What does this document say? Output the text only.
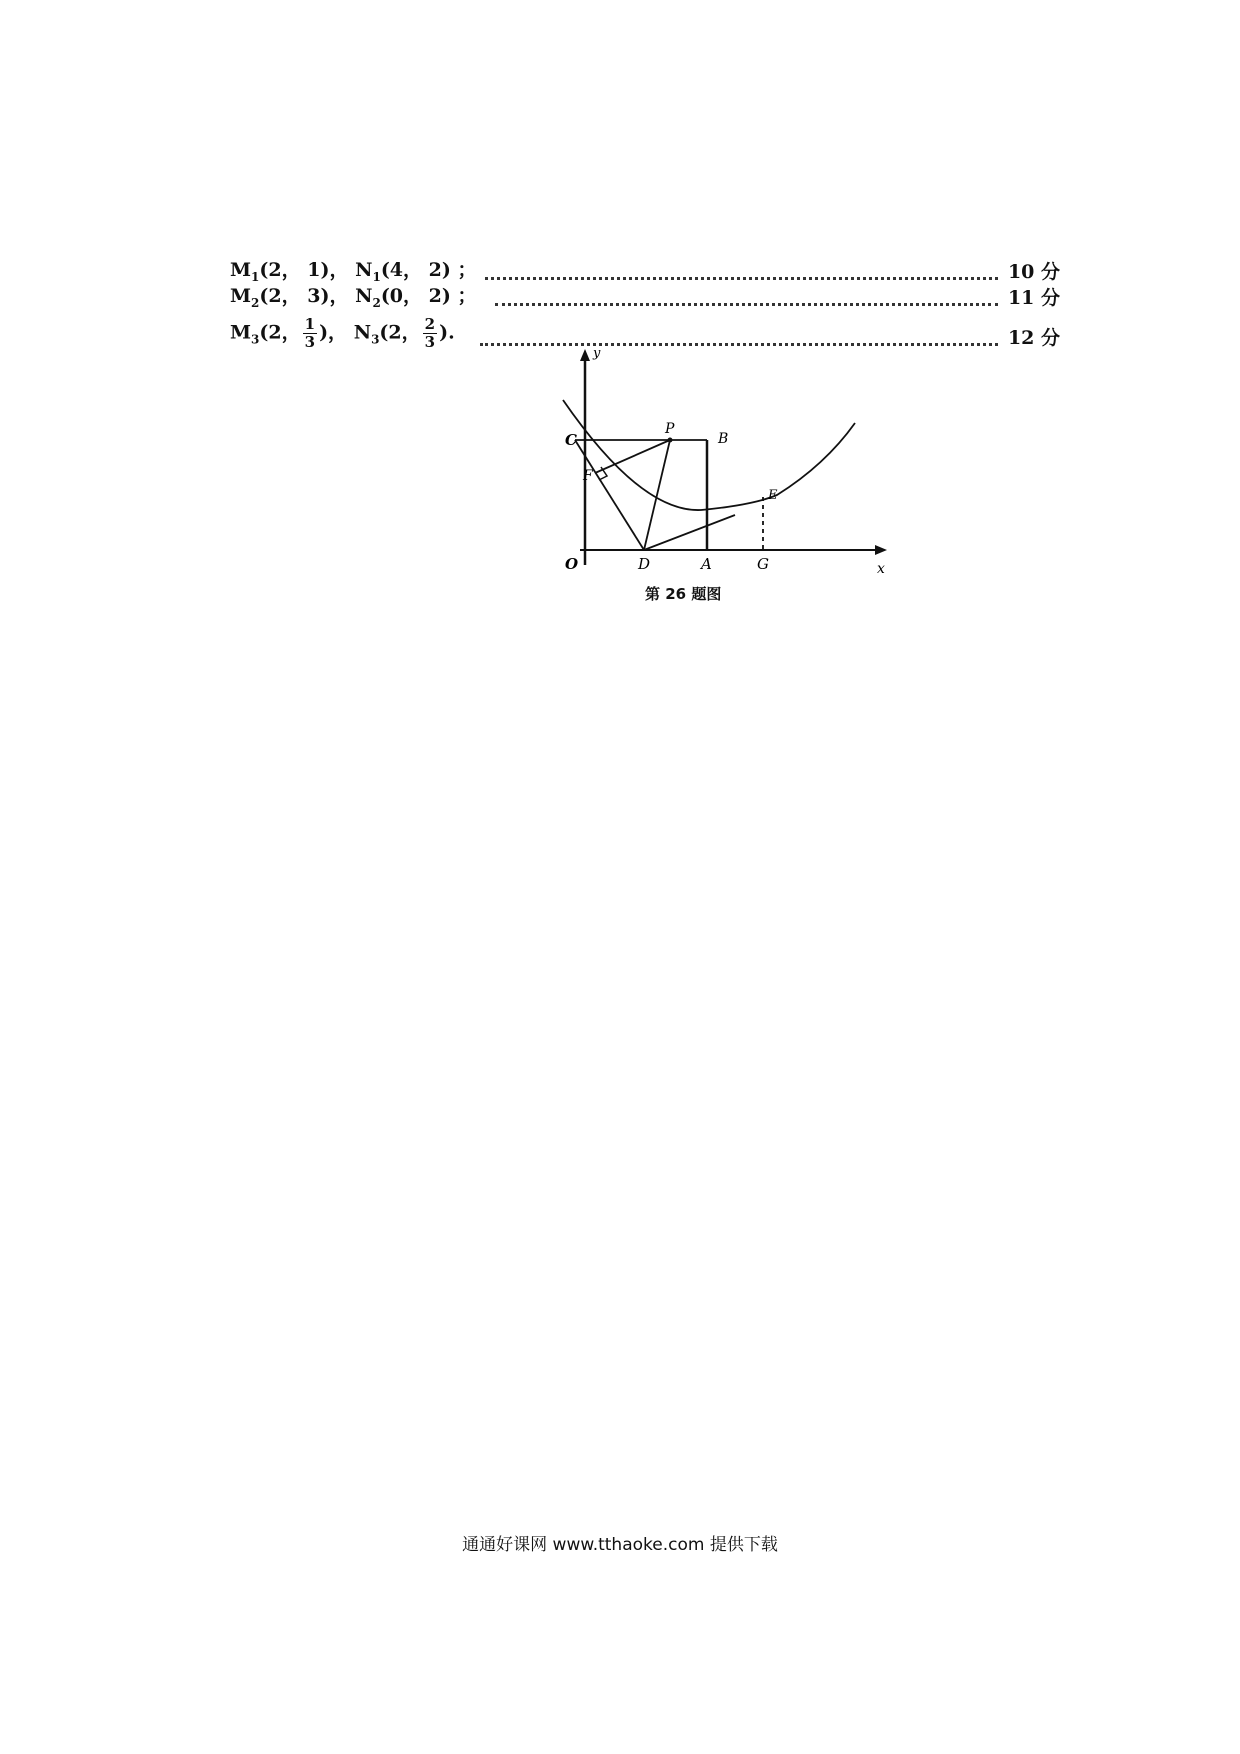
$M_1(2$， 1)， $N_1(4$， 2) ；	10 分
$M_2(2$， 3)， $N_2(0$， 2) ；	11 分
$M_3(2$， $\frac{1}{3}$ )， $N_3(2$， $\frac{2}{3}$ ).	12 分
y
x
C
P
B
F
E
O	D	A	G
第 26 题图
通通好课网 www.tthaoke.com 提供下载
